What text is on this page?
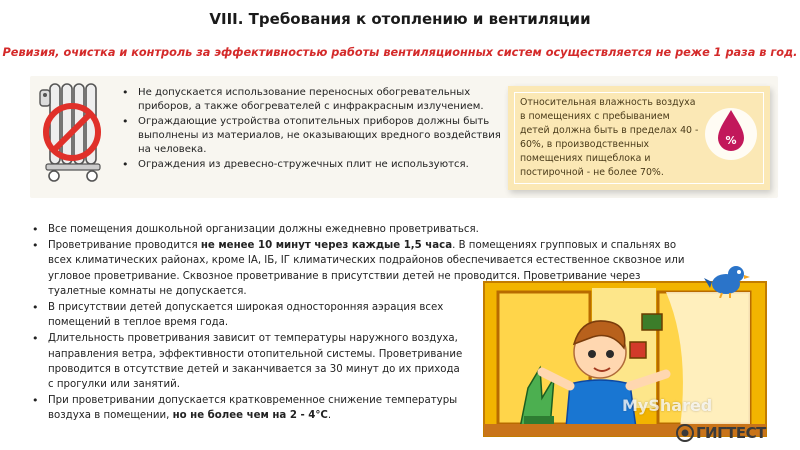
VIII. Требования к отоплению и вентиляции
Ревизия, очистка и контроль за эффективностью работы вентиляционных систем осуществляется не реже 1 раза в год.
• Не допускается использование переносных обогревательных приборов, а также обогревателей с инфракрасным излучением.
• Ограждающие устройства отопительных приборов должны быть выполнены из материалов, не оказывающих вредного воздействия на человека.
• Ограждения из древесно-стружечных плит не используются.
Относительная влажность воздуха в помещениях с пребыванием детей должна быть в пределах 40 - 60%, в производственных помещениях пищеблока и постирочной - не более 70%.
%
• Все помещения дошкольной организации должны ежедневно проветриваться.
• Проветривание проводится не менее 10 минут через каждые 1,5 часа. В помещениях групповых и спальнях во всех климатических районах, кроме IА, IБ, IГ климатических подрайонов обеспечивается естественное сквозное или угловое проветривание. Сквозное проветривание в присутствии детей не проводится. Проветривание через туалетные комнаты не допускается.
• В присутствии детей допускается широкая односторонняя аэрация всех помещений в теплое время года.
• Длительность проветривания зависит от температуры наружного воздуха, направления ветра, эффективности отопительной системы. Проветривание проводится в отсутствие детей и заканчивается за 30 минут до их прихода с прогулки или занятий.
• При проветривании допускается кратковременное снижение температуры воздуха в помещении, но не более чем на 2 - 4°С.
MyShared
ГИГТЕСТ
